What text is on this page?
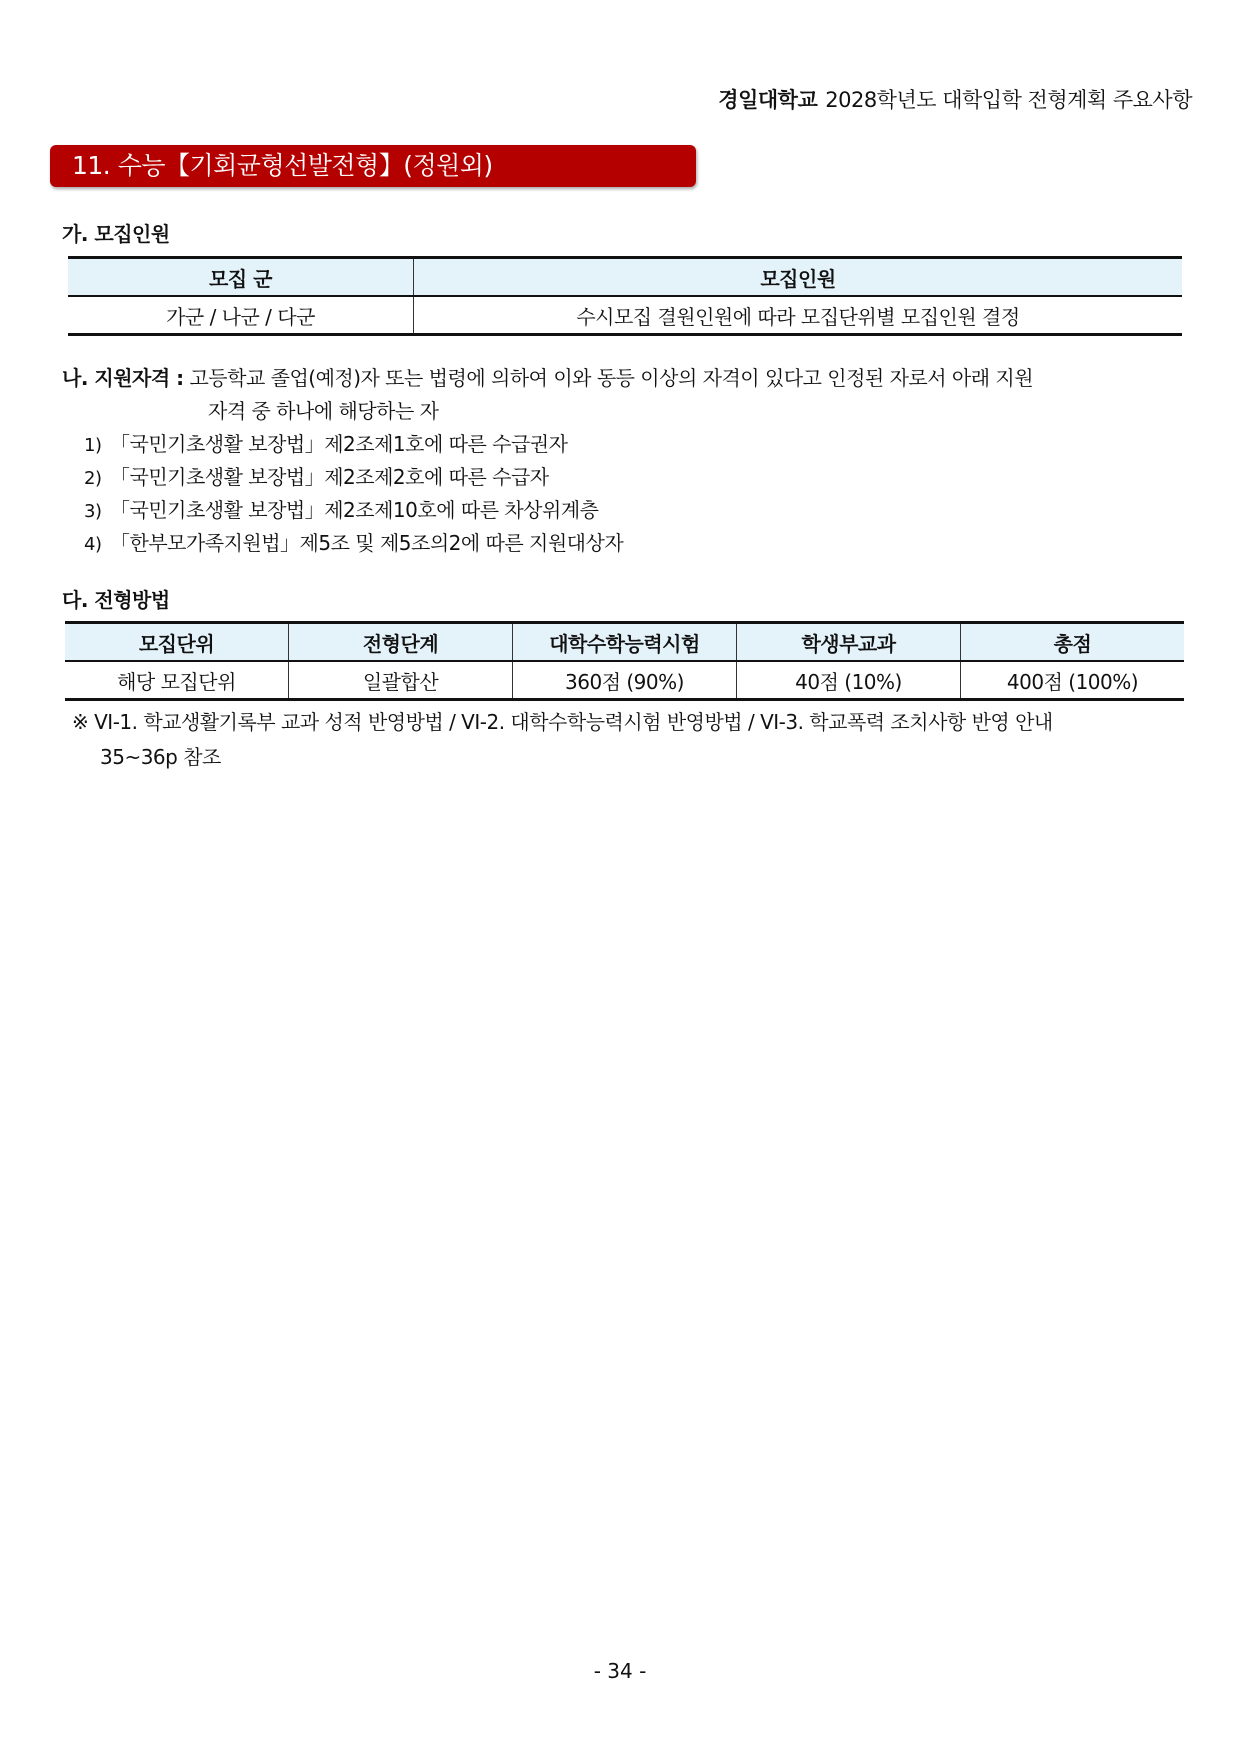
경일대학교 2028학년도 대학입학 전형계획 주요사항
11. 수능【기회균형선발전형】(정원외)
가. 모집인원
모집 군	모집인원
가군 / 나군 / 다군	수시모집 결원인원에 따라 모집단위별 모집인원 결정
나. 지원자격 : 고등학교 졸업(예정)자 또는 법령에 의하여 이와 동등 이상의 자격이 있다고 인정된 자로서 아래 지원
자격 중 하나에 해당하는 자
1) 「국민기초생활 보장법」제2조제1호에 따른 수급권자
2) 「국민기초생활 보장법」제2조제2호에 따른 수급자
3) 「국민기초생활 보장법」제2조제10호에 따른 차상위계층
4) 「한부모가족지원법」제5조 및 제5조의2에 따른 지원대상자
다. 전형방법
모집단위	전형단계	대학수학능력시험	학생부교과	총점
해당 모집단위	일괄합산	360점 (90%)	40점 (10%)	400점 (100%)
※ VI-1. 학교생활기록부 교과 성적 반영방법 / VI-2. 대학수학능력시험 반영방법 / VI-3. 학교폭력 조치사항 반영 안내
35~36p 참조
- 34 -
